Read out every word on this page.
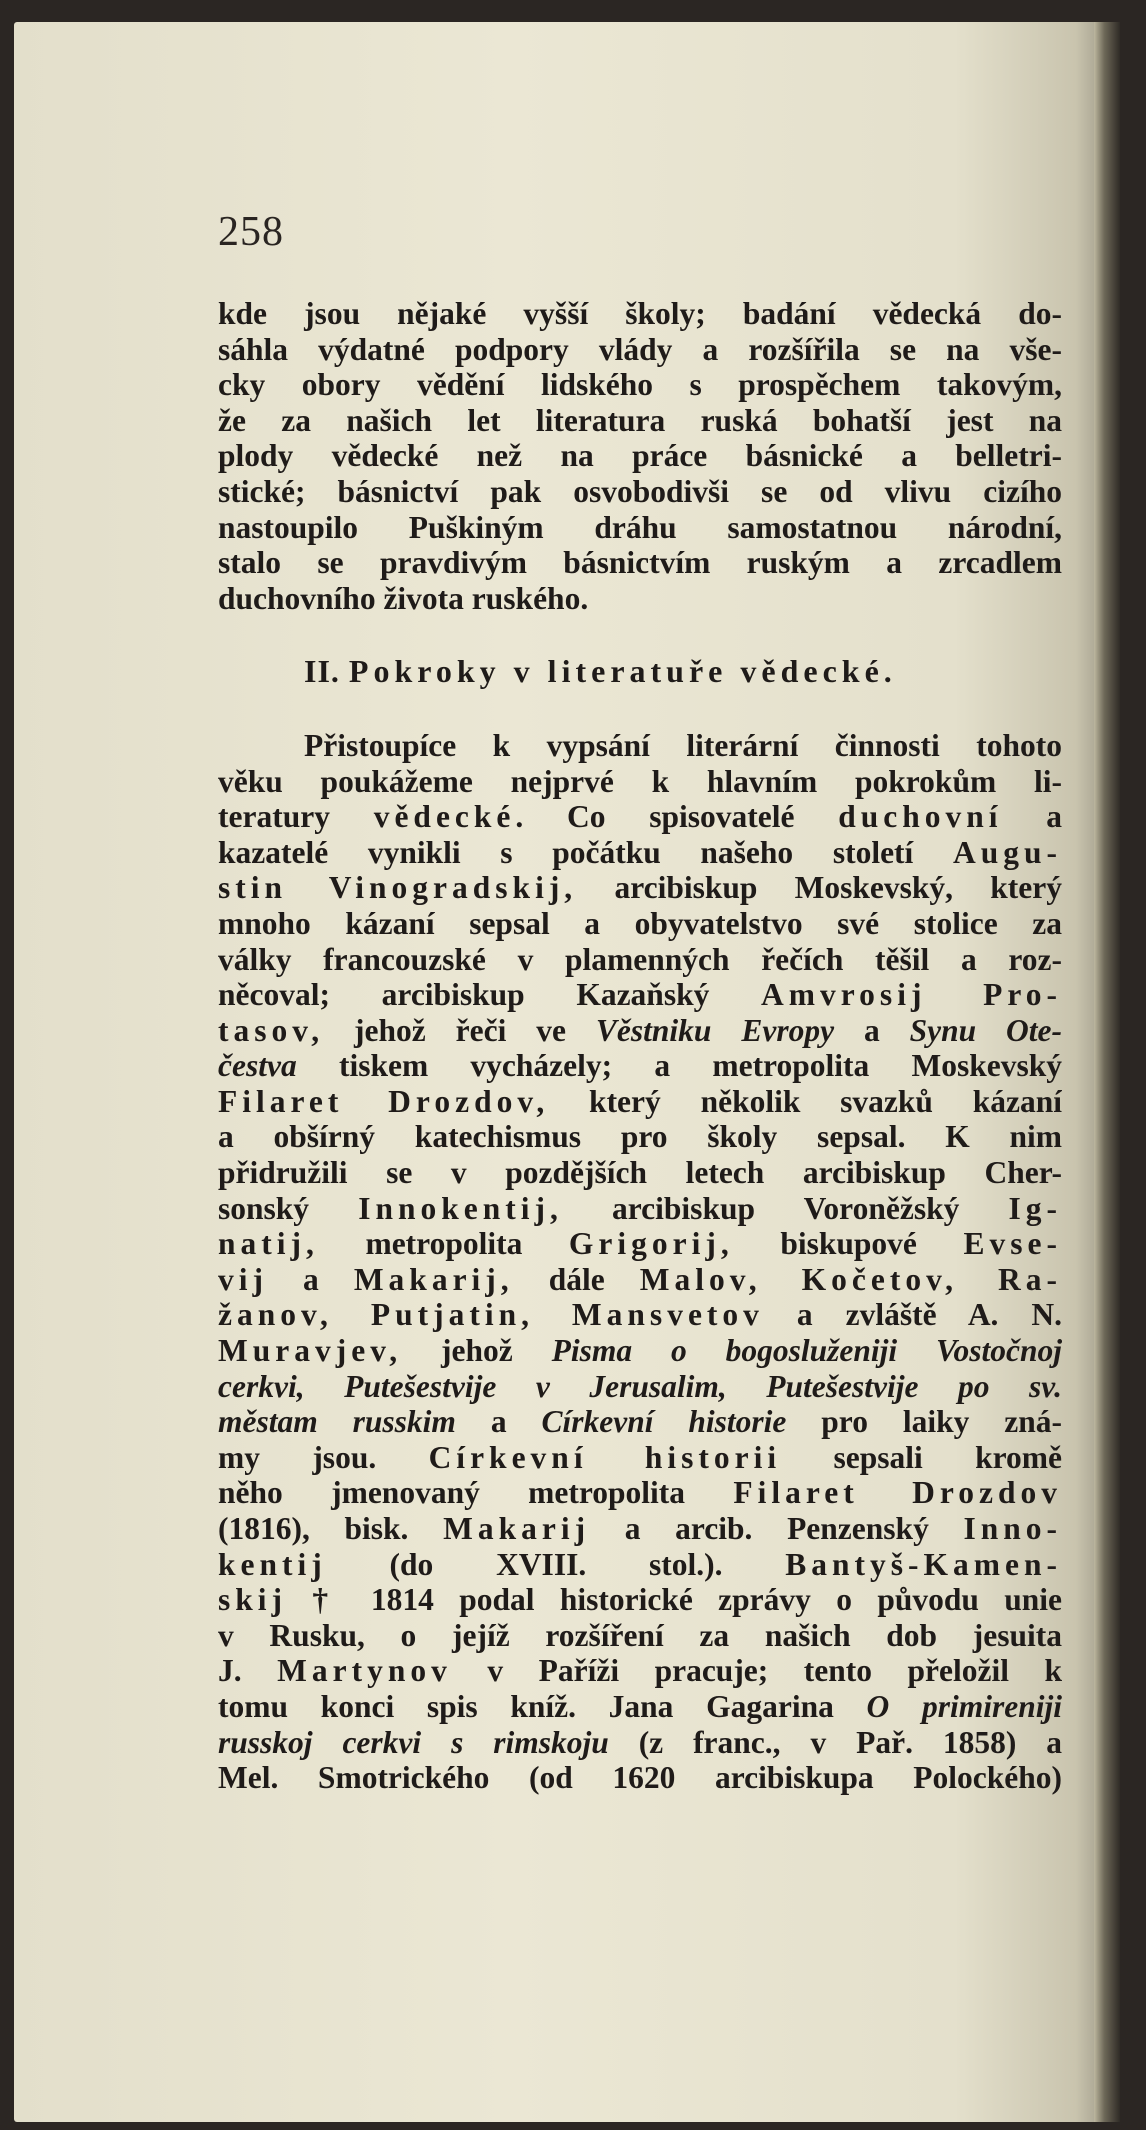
258
kde jsou nějaké vyšší školy; badání vědecká do-
sáhla výdatné podpory vlády a rozšířila se na vše-
cky obory vědění lidského s prospěchem takovým,
že za našich let literatura ruská bohatší jest na
plody vědecké než na práce básnické a belletri-
stické; básnictví pak osvobodivši se od vlivu cizího
nastoupilo Puškiným dráhu samostatnou národní,
stalo se pravdivým básnictvím ruským a zrcadlem
duchovního života ruského.
II. Pokroky v literatuře vědecké.
Přistoupíce k vypsání literární činnosti tohoto
věku poukážeme nejprvé k hlavním pokrokům li-
teratury vědecké. Co spisovatelé duchovní a
kazatelé vynikli s počátku našeho století Augu-
stin Vinogradskij, arcibiskup Moskevský, který
mnoho kázaní sepsal a obyvatelstvo své stolice za
války francouzské v plamenných řečích těšil a roz-
něcoval; arcibiskup Kazaňský Amvrosij Pro-
tasov, jehož řeči ve Věstniku Evropy a Synu Ote-
čestva tiskem vycházely; a metropolita Moskevský
Filaret Drozdov, který několik svazků kázaní
a obšírný katechismus pro školy sepsal. K nim
přidružili se v pozdějších letech arcibiskup Cher-
sonský Innokentij, arcibiskup Voroněžský Ig-
natij, metropolita Grigorij, biskupové Evse-
vij a Makarij, dále Malov, Kočetov, Ra-
žanov, Putjatin, Mansvetov a zvláště A. N.
Muravjev, jehož Pisma o bogosluženiji Vostočnoj
cerkvi, Putešestvije v Jerusalim, Putešestvije po sv.
městam russkim a Církevní historie pro laiky zná-
my jsou. Církevní historii sepsali kromě
něho jmenovaný metropolita Filaret Drozdov
(1816), bisk. Makarij a arcib. Penzenský Inno-
kentij (do XVIII. stol.). Bantyš-Kamen-
skij † 1814 podal historické zprávy o původu unie
v Rusku, o jejíž rozšíření za našich dob jesuita
J. Martynov v Paříži pracuje; tento přeložil k
tomu konci spis kníž. Jana Gagarina O primireniji
russkoj cerkvi s rimskoju (z franc., v Pař. 1858) a
Mel. Smotrického (od 1620 arcibiskupa Polockého)
